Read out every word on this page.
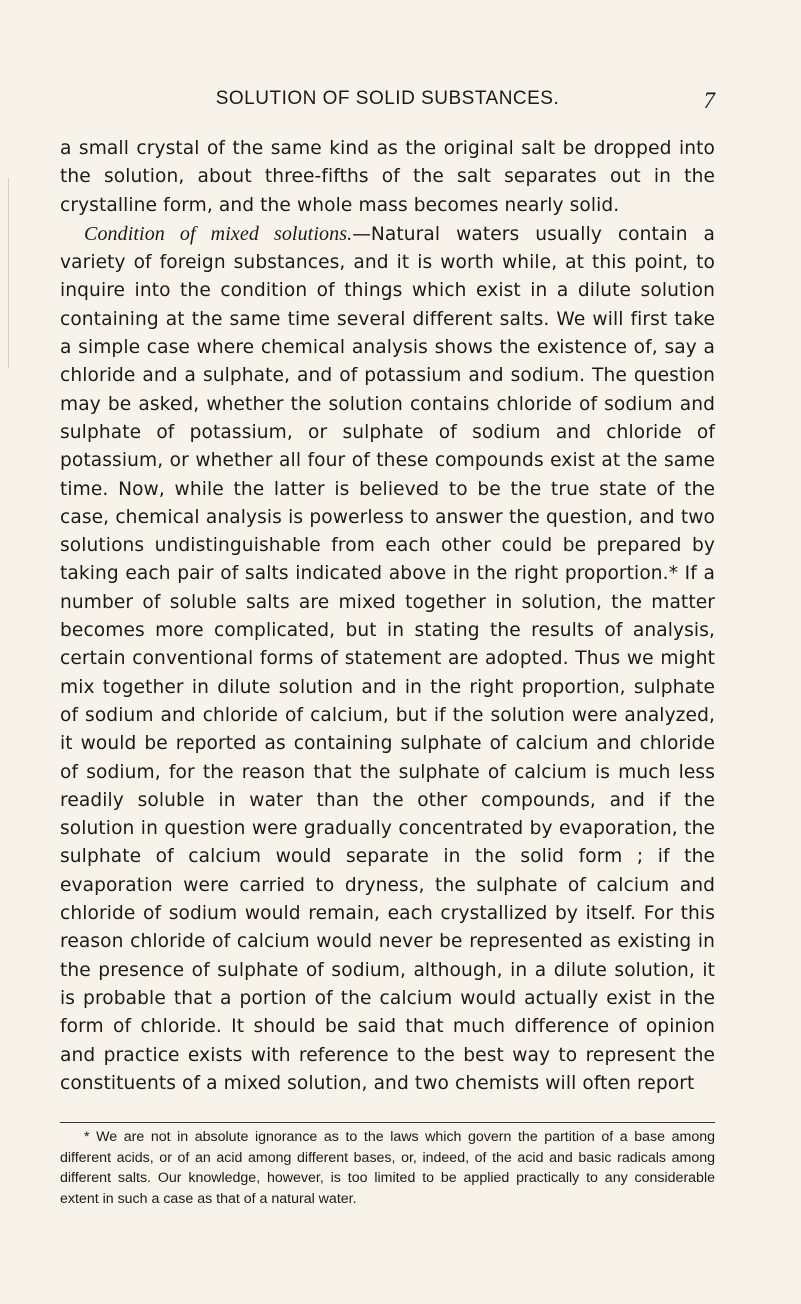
SOLUTION OF SOLID SUBSTANCES.	7

a small crystal of the same kind as the original salt be dropped into the solution, about three-fifths of the salt separates out in the crystalline form, and the whole mass becomes nearly solid.

Condition of mixed solutions.—Natural waters usually contain a variety of foreign substances, and it is worth while, at this point, to inquire into the condition of things which exist in a dilute solution containing at the same time several different salts. We will first take a simple case where chemical analysis shows the existence of, say a chloride and a sulphate, and of potassium and sodium. The question may be asked, whether the solution contains chloride of sodium and sulphate of potassium, or sulphate of sodium and chloride of potassium, or whether all four of these compounds exist at the same time. Now, while the latter is believed to be the true state of the case, chemical analysis is powerless to answer the question, and two solutions undistinguishable from each other could be prepared by taking each pair of salts indicated above in the right proportion.* If a number of soluble salts are mixed together in solution, the matter becomes more complicated, but in stating the results of analysis, certain conventional forms of statement are adopted. Thus we might mix together in dilute solution and in the right proportion, sulphate of sodium and chloride of calcium, but if the solution were analyzed, it would be reported as containing sulphate of calcium and chloride of sodium, for the reason that the sulphate of calcium is much less readily soluble in water than the other compounds, and if the solution in question were gradually concentrated by evaporation, the sulphate of calcium would separate in the solid form ; if the evaporation were carried to dryness, the sulphate of calcium and chloride of sodium would remain, each crystallized by itself. For this reason chloride of calcium would never be represented as existing in the presence of sulphate of sodium, although, in a dilute solution, it is probable that a portion of the calcium would actually exist in the form of chloride. It should be said that much difference of opinion and practice exists with reference to the best way to represent the constituents of a mixed solution, and two chemists will often report

* We are not in absolute ignorance as to the laws which govern the partition of a base among different acids, or of an acid among different bases, or, indeed, of the acid and basic radicals among different salts. Our knowledge, however, is too limited to be applied practically to any considerable extent in such a case as that of a natural water.
